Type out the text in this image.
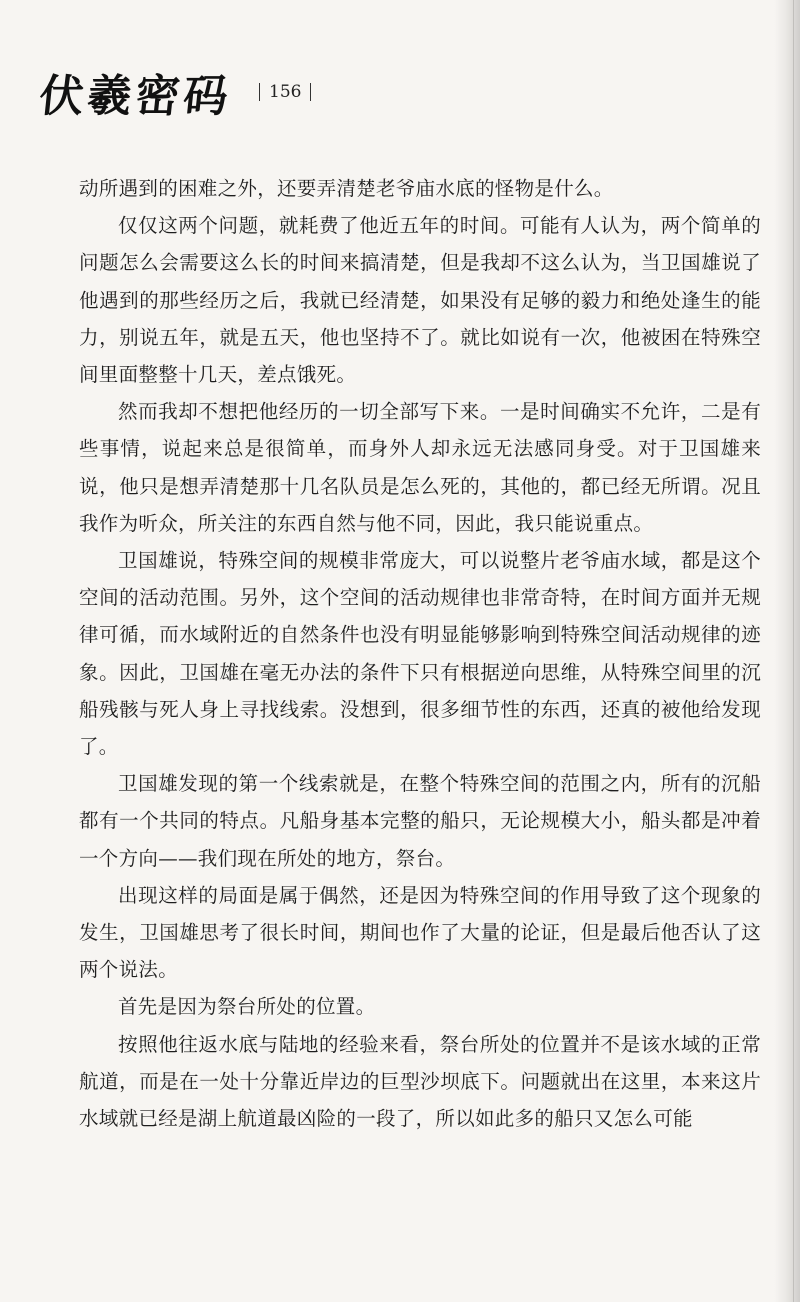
伏羲密码 156

动所遇到的困难之外，还要弄清楚老爷庙水底的怪物是什么。

仅仅这两个问题，就耗费了他近五年的时间。可能有人认为，两个简单的问题怎么会需要这么长的时间来搞清楚，但是我却不这么认为，当卫国雄说了他遇到的那些经历之后，我就已经清楚，如果没有足够的毅力和绝处逢生的能力，别说五年，就是五天，他也坚持不了。就比如说有一次，他被困在特殊空间里面整整十几天，差点饿死。

然而我却不想把他经历的一切全部写下来。一是时间确实不允许，二是有些事情，说起来总是很简单，而身外人却永远无法感同身受。对于卫国雄来说，他只是想弄清楚那十几名队员是怎么死的，其他的，都已经无所谓。况且我作为听众，所关注的东西自然与他不同，因此，我只能说重点。

卫国雄说，特殊空间的规模非常庞大，可以说整片老爷庙水域，都是这个空间的活动范围。另外，这个空间的活动规律也非常奇特，在时间方面并无规律可循，而水域附近的自然条件也没有明显能够影响到特殊空间活动规律的迹象。因此，卫国雄在毫无办法的条件下只有根据逆向思维，从特殊空间里的沉船残骸与死人身上寻找线索。没想到，很多细节性的东西，还真的被他给发现了。

卫国雄发现的第一个线索就是，在整个特殊空间的范围之内，所有的沉船都有一个共同的特点。凡船身基本完整的船只，无论规模大小，船头都是冲着一个方向——我们现在所处的地方，祭台。

出现这样的局面是属于偶然，还是因为特殊空间的作用导致了这个现象的发生，卫国雄思考了很长时间，期间也作了大量的论证，但是最后他否认了这两个说法。

首先是因为祭台所处的位置。

按照他往返水底与陆地的经验来看，祭台所处的位置并不是该水域的正常航道，而是在一处十分靠近岸边的巨型沙坝底下。问题就出在这里，本来这片水域就已经是湖上航道最凶险的一段了，所以如此多的船只又怎么可能
